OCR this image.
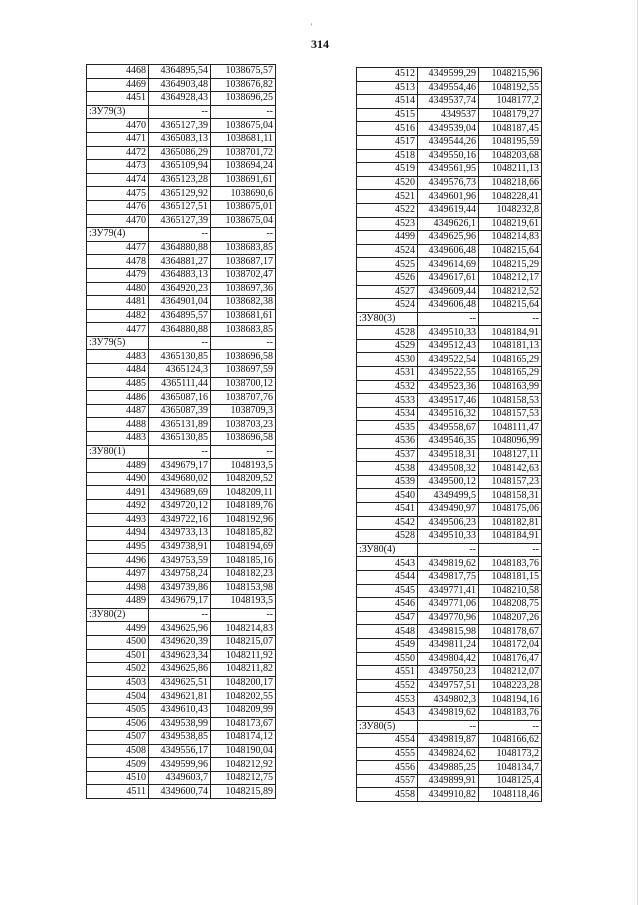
'
314
4468	4364895,54	1038675,57
4469	4364903,48	1038676,82
4451	4364928,43	1038696,25
:ЗУ79(3)	--	--
4470	4365127,39	1038675,04
4471	4365083,13	1038681,11
4472	4365086,29	1038701,72
4473	4365109,94	1038694,24
4474	4365123,28	1038691,61
4475	4365129,92	1038690,6
4476	4365127,51	1038675,01
4470	4365127,39	1038675,04
:ЗУ79(4)	--	--
4477	4364880,88	1038683,85
4478	4364881,27	1038687,17
4479	4364883,13	1038702,47
4480	4364920,23	1038697,36
4481	4364901,04	1038682,38
4482	4364895,57	1038681,61
4477	4364880,88	1038683,85
:ЗУ79(5)	--	--
4483	4365130,85	1038696,58
4484	4365124,3	1038697,59
4485	4365111,44	1038700,12
4486	4365087,16	1038707,76
4487	4365087,39	1038709,3
4488	4365131,89	1038703,23
4483	4365130,85	1038696,58
:ЗУ80(1)	--	--
4489	4349679,17	1048193,5
4490	4349680,02	1048209,52
4491	4349689,69	1048209,11
4492	4349720,12	1048189,76
4493	4349722,16	1048192,96
4494	4349733,13	1048185,82
4495	4349738,91	1048194,69
4496	4349753,59	1048185,16
4497	4349758,24	1048182,23
4498	4349739,86	1048153,98
4489	4349679,17	1048193,5
:ЗУ80(2)	--	--
4499	4349625,96	1048214,83
4500	4349620,39	1048215,07
4501	4349623,34	1048211,92
4502	4349625,86	1048211,82
4503	4349625,51	1048200,17
4504	4349621,81	1048202,55
4505	4349610,43	1048209,99
4506	4349538,99	1048173,67
4507	4349538,85	1048174,12
4508	4349556,17	1048190,04
4509	4349599,96	1048212,92
4510	4349603,7	1048212,75
4511	4349600,74	1048215,89
4512	4349599,29	1048215,96
4513	4349554,46	1048192,55
4514	4349537,74	1048177,2
4515	4349537	1048179,27
4516	4349539,04	1048187,45
4517	4349544,26	1048195,59
4518	4349550,16	1048203,68
4519	4349561,95	1048211,13
4520	4349576,73	1048218,66
4521	4349601,96	1048228,41
4522	4349619,44	1048232,8
4523	4349626,1	1048219,61
4499	4349625,96	1048214,83
4524	4349606,48	1048215,64
4525	4349614,69	1048215,29
4526	4349617,61	1048212,17
4527	4349609,44	1048212,52
4524	4349606,48	1048215,64
:ЗУ80(3)	--	--
4528	4349510,33	1048184,91
4529	4349512,43	1048181,13
4530	4349522,54	1048165,29
4531	4349522,55	1048165,29
4532	4349523,36	1048163,99
4533	4349517,46	1048158,53
4534	4349516,32	1048157,53
4535	4349558,67	1048111,47
4536	4349546,35	1048096,99
4537	4349518,31	1048127,11
4538	4349508,32	1048142,63
4539	4349500,12	1048157,23
4540	4349499,5	1048158,31
4541	4349490,97	1048175,06
4542	4349506,23	1048182,81
4528	4349510,33	1048184,91
:ЗУ80(4)	--	--
4543	4349819,62	1048183,76
4544	4349817,75	1048181,15
4545	4349771,41	1048210,58
4546	4349771,06	1048208,75
4547	4349770,96	1048207,26
4548	4349815,98	1048178,67
4549	4349811,24	1048172,04
4550	4349804,42	1048176,47
4551	4349750,23	1048212,07
4552	4349757,51	1048223,28
4553	4349802,3	1048194,16
4543	4349819,62	1048183,76
:ЗУ80(5)	--	--
4554	4349819,87	1048166,62
4555	4349824,62	1048173,2
4556	4349885,25	1048134,7
4557	4349899,91	1048125,4
4558	4349910,82	1048118,46
